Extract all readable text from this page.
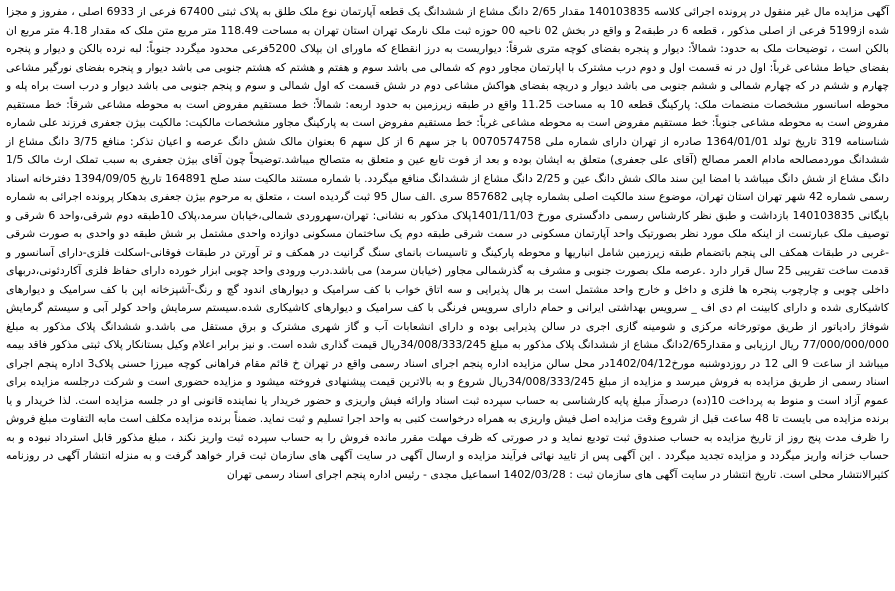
آگهی مزایده مال غیر منقول در پرونده اجرائی کلاسه 140103835 مقدار 2/65 دانگ مشاع از ششدانگ یک قطعه آپارتمان نوع ملک طلق به پلاک ثبتی 67400 فرعی از 6933 اصلی ، مفروز و مجزا شده از5199 فرعی از اصلی مذکور ، قطعه 6 در طبقه2 و واقع در بخش 02 ناحیه 00 حوزه ثبت ملک نارمک تهران استان تهران به مساحت 118.49 متر مربع متن ملک که مقدار 4.18 متر مربع ان بالکن است ، توضیحات ملک به حدود: شمالاً: دیوار و پنجره بفضای کوچه متری شرقاً: دیواریست به درز انقطاع که ماورای ان بپلاک 5200فرعی محدود میگردد جنوباً: لبه نرده بالکن و دیوار و پنجره بفضای حیاط مشاعی غرباً: اول در نه قسمت اول و دوم درب مشترک با اپارتمان مجاور دوم که شمالی می باشد سوم و هفتم و هشتم که هشتم جنوبی می باشد دیوار و پنجره بفضای نورگیر مشاعی چهارم و ششم در که چهارم شمالی و ششم جنوبی می باشد دیوار و دریچه بفضای هواکش مشاعی دوم در شش قسمت که اول شمالی و سوم و پنجم جنوبی می باشد دیوار و درب است براه پله و محوطه اسانسور مشخصات منضمات ملک: پارکینگ قطعه 10 به مساحت 11.25 واقع در طبقه زیرزمین به حدود اربعه: شمالاً: خط مستقیم مفروض است به محوطه مشاعی شرقاً: خط مستقیم مفروض است به محوطه مشاعی جنوباً: خط مستقیم مفروض است به محوطه مشاعی غرباً: خط مستقیم مفروض است به پارکینگ مجاور مشخصات مالکیت: مالکیت بیژن جعفری فرزند علی شماره شناسنامه 319 تاریخ تولد 1364/01/01 صادره از تهران دارای شماره ملی 0070574758 با جز سهم 6 از کل سهم 6 بعنوان مالک شش دانگ عرصه و اعیان تذکر: منافع 3/75 دانگ مشاع از ششدانگ موردمصالحه مادام العمر مصالح (آقای علی جعفری) متعلق به ایشان بوده و بعد از فوت تابع عین و متعلق به متصالح میباشد.توضیحاً چون آقای بیژن جعفری به سبب تملک ارث مالک 1/5 دانگ مشاع از شش دانگ میباشد با امضا این سند مالک شش دانگ عین و 2/25 دانگ مشاع از ششدانگ منافع میگردد. با شماره مستند مالکیت سند صلح 164891 تاریخ 1394/09/05 دفترخانه اسناد رسمی شماره 42 شهر تهران استان تهران، موضوع سند مالکیت اصلی بشماره چاپی 857682 سری .الف سال 95 ثبت گردیده است ، متعلق به مرحوم بیژن جعفری بدهکار پرونده اجرائی به شماره بایگانی 140103835 بازداشت و طبق نظر کارشناس رسمی دادگستری مورخ 1401/11/03پلاک مذکور به نشانی: تهران،سهروردی شمالی،خیابان سرمد،پلاک 10طبقه دوم شرقی،واحد 6 شرقی و توصیف ملک عبارتست از اینکه ملک مورد نظر بصورتیک واحد آپارتمان مسکونی در سمت شرقی طبقه دوم یک ساختمان مسکونی دوازده واحدی مشتمل بر شش طبقه دو واحدی به صورت شرقی -غربی در طبقات همکف الی پنجم باتضمام طبقه زیرزمین شامل انباریها و محوطه پارکینگ و تاسیسات بانمای سنگ گرانیت در همکف و تر آورتن در طبقات فوقانی-اسکلت فلزی-دارای آسانسور و قدمت ساخت تقریبی 25 سال قرار دارد .عرصه ملک بصورت جنوبی و مشرف به گذرشمالی مجاور (خیابان سرمد) می باشد.درب ورودی واحد چوبی ابزار خورده دارای حفاظ فلزی آکاردئونی،دربهای داخلی چوبی و چارچوب پنجره ها فلزی و داخل و خارج واحد مشتمل است بر هال پذیرایی و سه اتاق خواب با کف سرامیک و دیوارهای اندود گچ و رنگ-آشپزخانه اپن با کف سرامیک و دیوارهای کاشیکاری شده و دارای کابینت ام دی اف _ سرویس بهداشتی ایرانی و حمام دارای سرویس فرنگی با کف سرامیک و دیوارهای کاشیکاری شده.سیستم سرمایش واحد کولر آبی و سیستم گرمایش شوفاژ رادیاتور از طریق موتورخانه مرکزی و شومینه گازی اجری در سالن پذیرایی بوده و دارای انشعابات آب و گاز شهری مشترک و برق مستقل می باشد.و ششدانگ پلاک مذکور به مبلغ 77/000/000/000 ریال ارزیابی و مقدار2/65دانگ مشاع از ششدانگ پلاک مذکور به مبلغ 34/008/333/245ریال قیمت گذاری شده است. و نیز برابر اعلام وکیل بستانکار پلاک ثبتی مذکور فاقد بیمه میباشد از ساعت 9 الی 12 در روزدوشنبه مورخ1402/04/12در محل سالن مزایده اداره پنجم اجرای اسناد رسمی واقع در تهران خ قائم مقام فراهانی کوچه میرزا حسنی پلاک3 اداره پنجم اجرای اسناد رسمی از طریق مزایده به فروش میرسد و مزایده از مبلغ 34/008/333/245ریال شروع و به بالاترین قیمت پیشنهادی فروخته میشود و مزایده حضوری است و شرکت درجلسه مزایده برای عموم آزاد است و منوط به پرداخت 10(ده) درصدآز مبلغ پایه کارشناسی به حساب سپرده ثبت اسناد وارائه فیش واریزی و حضور خریدار یا نماینده قانونی او در جلسه مزایده است. لذا خریدار و یا برنده مزایده می بایست تا 48 ساعت قبل از شروع وقت مزایده اصل فیش واریزی به همراه درخواست کتبی به واحد اجرا تسلیم و ثبت نماید. ضمناً برنده مزایده مکلف است مابه التفاوت مبلغ فروش را ظرف مدت پنج روز از تاریخ مزایده به حساب صندوق ثبت تودیع نماید و در صورتی که ظرف مهلت مقرر مانده فروش را به حساب سپرده ثبت واریز نکند ، مبلغ مذکور قابل استرداد نبوده و به حساب خزانه واریز میگردد و مزایده تجدید میگردد . این آگهی پس از تایید نهائی فرآیند مزایده و ارسال آگهی در سایت آگهی های سازمان ثبت قرار خواهد گرفت و به منزله انتشار آگهی در روزنامه کثیرالانتشار محلی است. تاریخ انتشار در سایت آگهی های سازمان ثبت : 1402/03/28 اسماعیل مجدی - رئیس اداره پنجم اجرای اسناد رسمی تهران
